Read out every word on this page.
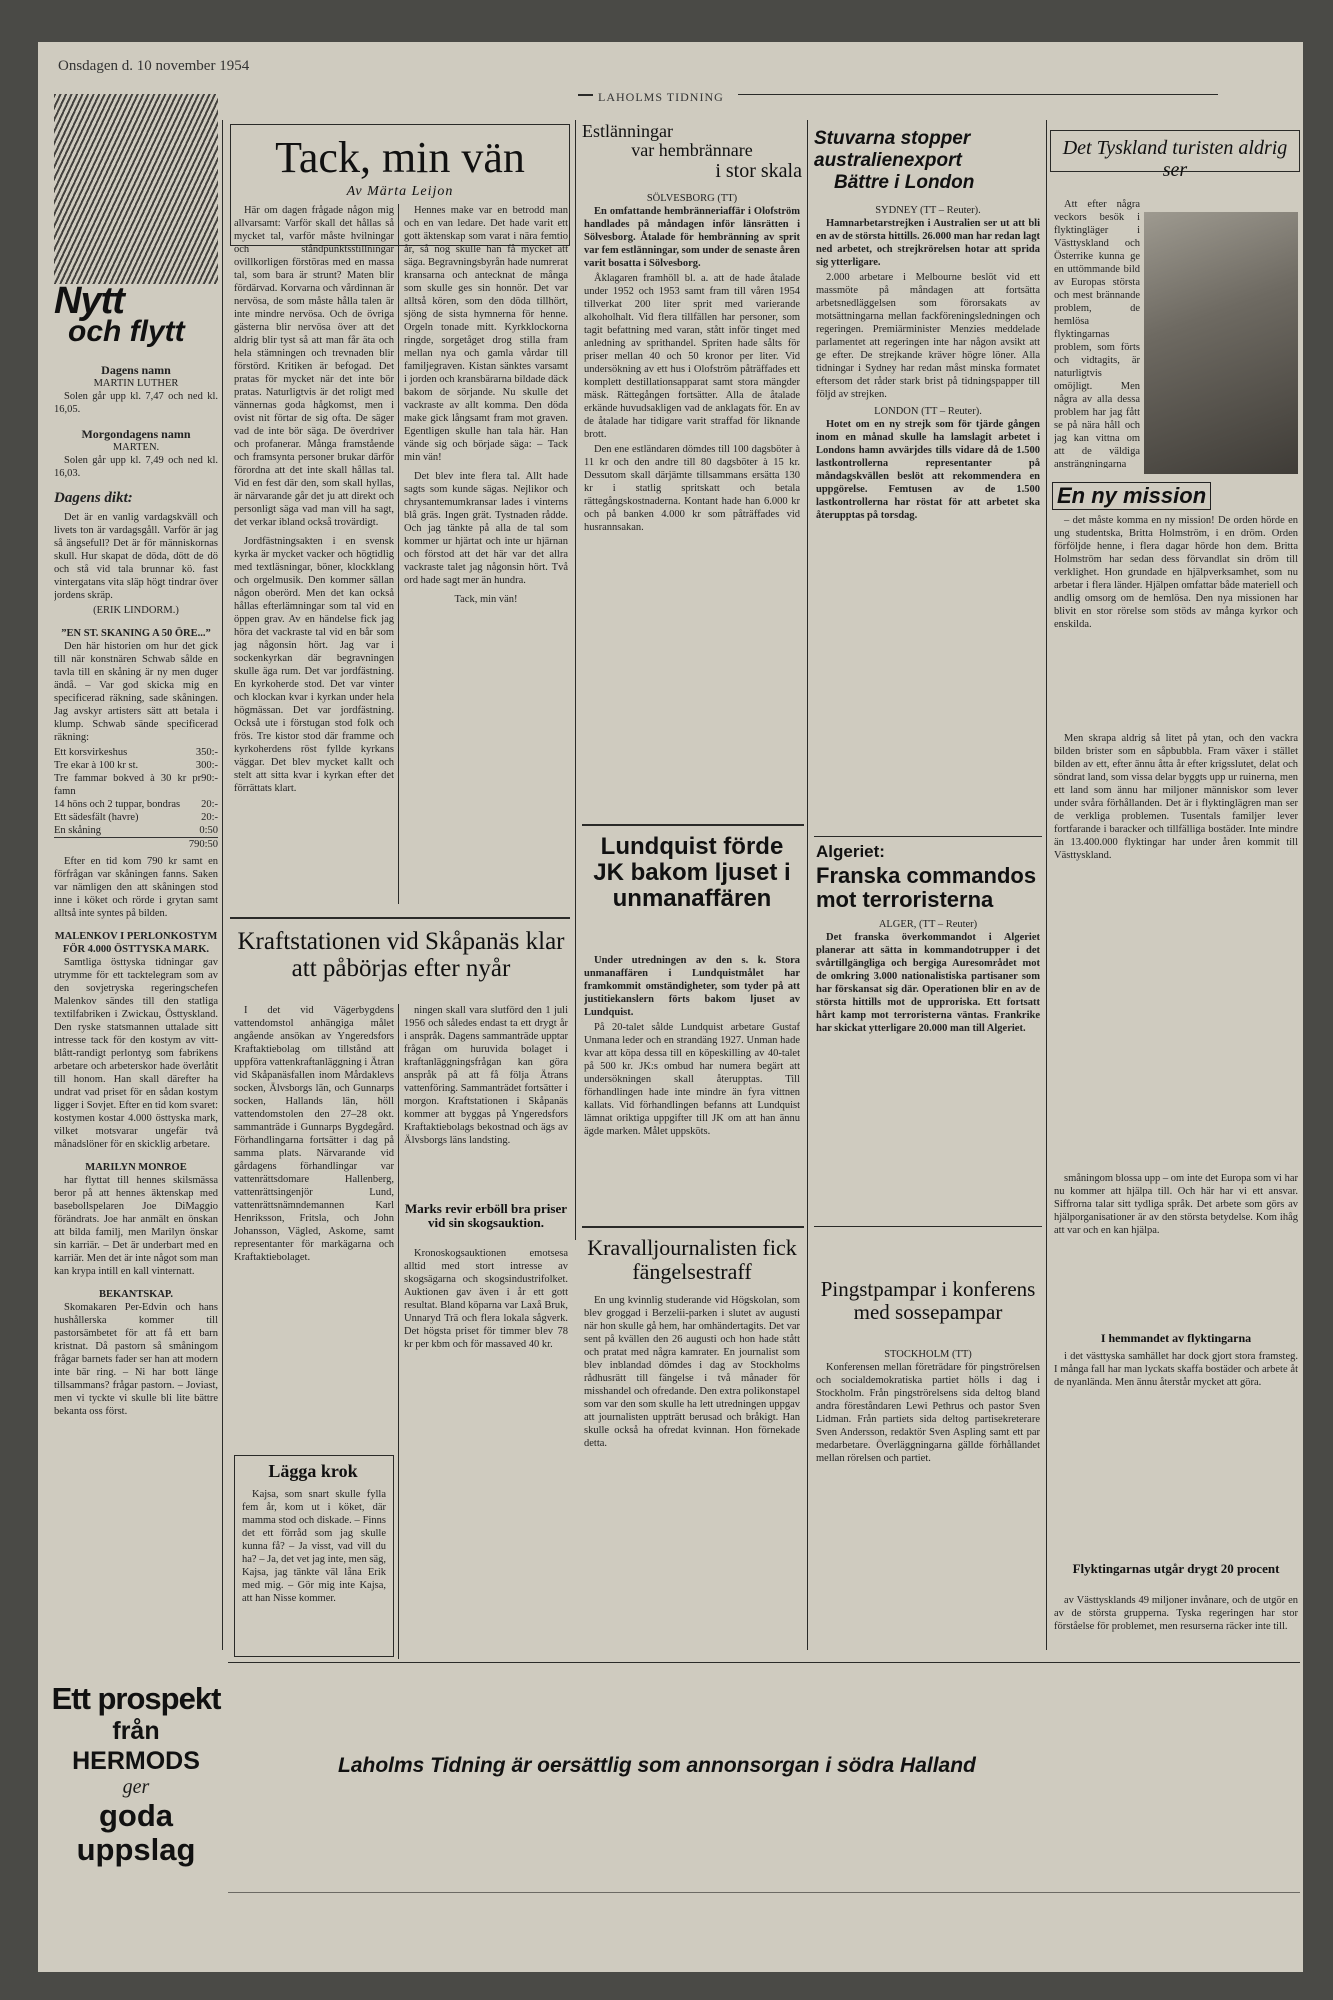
Onsdagen d. 10 november 1954
LAHOLMS TIDNING
Nytt
och flytt
Dagens namn
MARTIN LUTHER

Solen går upp kl. 7,47 och ned kl. 16,05.

Morgondagens namn
MARTEN.

Solen går upp kl. 7,49 och ned kl. 16,03.

Dagens dikt:

Det är en vanlig vardagskväll och livets ton är vardagsgåll. Varför är jag så ängsefull? Det är för människornas skull. Hur skapat de döda, dött de dö och stå vid tala brunnar kö. fast vintergatans vita släp högt tindrar över jordens skräp.

(ERIK LINDORM.)
”EN ST. SKANING A 50 ÖRE...”

Den här historien om hur det gick till när konstnären Schwab sålde en tavla till en skåning är ny men duger ändå. – Var god skicka mig en specificerad räkning, sade skåningen. Jag avskyr artisters sätt att betala i klump. Schwab sände specificerad räkning:

Ett korsvirkeshus	350:-
Tre ekar à 100 kr st.	300:-
Tre fammar bokved à 30 kr pr famn
90:-
14 höns och 2 tuppar, bondras 20:-
Ett sädesfält (havre)	20:-
En skåning	0:50
790:50

Efter en tid kom 790 kr samt en förfrågan var skåningen fanns. Saken var nämligen den att skåningen stod inne i köket och rörde i grytan samt alltså inte syntes på bilden.

MALENKOV I PERLONKOSTYM FÖR 4.000 ÖSTTYSKA MARK.

Samtliga östtyska tidningar gav utrymme för ett tacktelegram som av den sovjetryska regeringschefen Malenkov sändes till den statliga textilfabriken i Zwickau, Östtyskland. Den ryske statsmannen uttalade sitt intresse tack för den kostym av vitt-blått-randigt perlontyg som fabrikens arbetare och arbeterskor hade överlåtit till honom. Han skall därefter ha undrat vad priset för en sådan kostym ligger i Sovjet. Efter en tid kom svaret: kostymen kostar 4.000 östtyska mark, vilket motsvarar ungefär två månadslöner för en skicklig arbetare.

MARILYN MONROE

har flyttat till hennes skilsmässa beror på att hennes äktenskap med basebollspelaren Joe DiMaggio förändrats. Joe har anmält en önskan att bilda familj, men Marilyn önskar sin karriär. – Det är underbart med en karriär. Men det är inte något som man kan krypa intill en kall vinternatt.

BEKANTSKAP.

Skomakaren Per-Edvin och hans hushållerska kommer till pastorsämbetet för att få ett barn kristnat. Då pastorn så småningom frågar barnets fader ser han att modern inte bär ring. – Ni har bott länge tillsammans? frågar pastorn. – Joviast, men vi tyckte vi skulle bli lite bättre bekanta oss först.

Ett prospekt
från HERMODS
ger
goda uppslag
Tack, min vän
Av Märta Leijon

Här om dagen frågade någon mig allvarsamt: Varför skall det hållas så mycket tal, varför måste hvilningar och ståndpunktsstillningar ovillkorligen förstöras med en massa tal, som bara är strunt? Maten blir fördärvad. Korvarna och vårdinnan är nervösa, de som måste hålla talen är inte mindre nervösa. Och de övriga gästerna blir nervösa över att det aldrig blir tyst så att man får äta och hela stämningen och trevnaden blir förstörd. Kritiken är befogad. Det pratas för mycket när det inte bör pratas. Naturligtvis är det roligt med vännernas goda hågkomst, men i ovist nit förtar de sig ofta. De säger vad de inte bör säga. De överdriver och profanerar. Många framstående och framsynta personer brukar därför förordna att det inte skall hållas tal. Vid en fest där den, som skall hyllas, är närvarande går det ju att direkt och personligt säga vad man vill ha sagt, det verkar ibland också trovärdigt.

Jordfästningsakten i en svensk kyrka är mycket vacker och högtidlig med textläsningar, böner, klockklang och orgelmusik. Den kommer sällan någon oberörd. Men det kan också hållas efterlämningar som tal vid en öppen grav. Av en händelse fick jag höra det vackraste tal vid en bår som jag någonsin hört. Jag var i sockenkyrkan där begravningen skulle äga rum. Det var jordfästning. En kyrkoherde stod. Det var vinter och klockan kvar i kyrkan under hela högmässan. Det var jordfästning. Också ute i förstugan stod folk och frös. Tre kistor stod där framme och kyrkoherdens röst fyllde kyrkans väggar. Det blev mycket kallt och stelt att sitta kvar i kyrkan efter det förrättats klart.

Hennes make var en betrodd man och en van ledare. Det hade varit ett gott äktenskap som varat i nära femtio år, så nog skulle han få mycket att säga. Begravningsbyrån hade numrerat kransarna och antecknat de många som skulle ges sin honnör. Det var alltså kören, som den döda tillhört, sjöng de sista hymnerna för henne. Orgeln tonade mitt. Kyrkklockorna ringde, sorgetåget drog stilla fram mellan nya och gamla vårdar till familjegraven. Kistan sänktes varsamt i jorden och kransbärarna bildade däck bakom de sörjande. Nu skulle det vackraste av allt komma. Den döda make gick långsamt fram mot graven. Egentligen skulle han tala här. Han vände sig och började säga: – Tack min vän!

Det blev inte flera tal. Allt hade sagts som kunde sägas. Nejlikor och chrysantemumkransar lades i vinterns blå gräs. Ingen grät. Tystnaden rådde. Och jag tänkte på alla de tal som kommer ur hjärtat och inte ur hjärnan och förstod att det här var det allra vackraste talet jag någonsin hört. Två ord hade sagt mer än hundra.

Tack, min vän!
Kraftstationen vid Skåpanäs klar att påbörjas efter nyår

I det vid Vägerbygdens vattendomstol anhängiga målet angående ansökan av Yngeredsfors Kraftaktiebolag om tillstånd att uppföra vattenkraftanläggning i Ätran vid Skåpanäsfallen inom Mårdaklevs socken, Älvsborgs län, och Gunnarps socken, Hallands län, höll vattendomstolen den 27–28 okt. sammanträde i Gunnarps Bygdegård. Förhandlingarna fortsätter i dag på samma plats. Närvarande vid gårdagens förhandlingar var vattenrättsdomare Hallenberg, vattenrättsingenjör Lund, vattenrättsnämndemannen Karl Henriksson, Fritsla, och John Johansson, Vägled, Askome, samt representanter för markägarna och Kraftaktiebolaget.

ningen skall vara slutförd den 1 juli 1956 och således endast ta ett drygt år i anspråk. Dagens sammanträde upptar frågan om huruvida bolaget i kraftanläggningsfrågan kan göra anspråk på att få följa Ätrans vattenföring. Sammanträdet fortsätter i morgon. Kraftstationen i Skåpanäs kommer att byggas på Yngeredsfors Kraftaktiebolags bekostnad och ägs av Älvsborgs läns landsting.

Marks revir erböll bra priser vid sin skogsauktion.

Kronoskogsauktionen emotsesa alltid med stort intresse av skogsägarna och skogsindustrifolket. Auktionen gav även i år ett gott resultat. Bland köparna var Laxå Bruk, Unnaryd Trä och flera lokala sågverk. Det högsta priset för timmer blev 78 kr per kbm och för massaved 40 kr.

Lägga krok

Kajsa, som snart skulle fylla fem år, kom ut i köket, där mamma stod och diskade. – Finns det ett förråd som jag skulle kunna få? – Ja visst, vad vill du ha? – Ja, det vet jag inte, men säg, Kajsa, jag tänkte väl låna Erik med mig. – Gör mig inte Kajsa, att han Nisse kommer.

Estlänningar
var hembrännare
i stor skala
SÖLVESBORG (TT)

En omfattande hembränneriaffär i Olofström handlades på måndagen inför länsrätten i Sölvesborg. Åtalade för hembränning av sprit var fem estlänningar, som under de senaste åren varit bosatta i Sölvesborg.

Åklagaren framhöll bl. a. att de hade åtalade under 1952 och 1953 samt fram till våren 1954 tillverkat 200 liter sprit med varierande alkoholhalt. Vid flera tillfällen har personer, som tagit befattning med varan, stått inför tinget med anledning av sprithandel. Spriten hade sålts för priser mellan 40 och 50 kronor per liter. Vid undersökning av ett hus i Olofström påträffades ett komplett destillationsapparat samt stora mängder mäsk. Rättegången fortsätter. Alla de åtalade erkände huvudsakligen vad de anklagats för. En av de åtalade har tidigare varit straffad för liknande brott.

Den ene estländaren dömdes till 100 dagsböter à 11 kr och den andre till 80 dagsböter à 15 kr. Dessutom skall därjämte tillsammans ersätta 130 kr i statlig spritskatt och betala rättegångskostnaderna. Kontant hade han 6.000 kr och på banken 4.000 kr som påträffades vid husrannsakan.

Lundquist förde JK bakom ljuset i unmanaffären

Under utredningen av den s. k. Stora unmanaffären i Lundquistmålet har framkommit omständigheter, som tyder på att justitiekanslern förts bakom ljuset av Lundquist.

På 20-talet sålde Lundquist arbetare Gustaf Unmana leder och en strandäng 1927. Unman hade kvar att köpa dessa till en köpeskilling av 40-talet på 500 kr. JK:s ombud har numera begärt att undersökningen skall återupptas. Till förhandlingen hade inte mindre än fyra vittnen kallats. Vid förhandlingen befanns att Lundquist lämnat oriktiga uppgifter till JK om att han ännu ägde marken. Målet uppsköts.

Kravalljournalisten fick fängelsestraff

En ung kvinnlig studerande vid Högskolan, som blev groggad i Berzelii-parken i slutet av augusti när hon skulle gå hem, har omhändertagits. Det var sent på kvällen den 26 augusti och hon hade stått och pratat med några kamrater. En journalist som blev inblandad dömdes i dag av Stockholms rådhusrätt till fängelse i två månader för misshandel och ofredande. Den extra polikonstapel som var den som skulle ha lett utredningen uppgav att journalisten uppträtt berusad och bråkigt. Han skulle också ha ofredat kvinnan. Hon förnekade detta.

Stuvarna stopper
australienexport
Bättre i London
SYDNEY (TT – Reuter).

Hamnarbetarstrejken i Australien ser ut att bli en av de största hittills. 26.000 man har redan lagt ned arbetet, och strejkrörelsen hotar att sprida sig ytterligare.

2.000 arbetare i Melbourne beslöt vid ett massmöte på måndagen att fortsätta arbetsnedläggelsen som förorsakats av motsättningarna mellan fackföreningsledningen och regeringen. Premiärminister Menzies meddelade parlamentet att regeringen inte har någon avsikt att ge efter. De strejkande kräver högre löner. Alla tidningar i Sydney har redan måst minska formatet eftersom det råder stark brist på tidningspapper till följd av strejken.

LONDON (TT – Reuter).

Hotet om en ny strejk som för tjärde gången inom en månad skulle ha lamslagit arbetet i Londons hamn avvärjdes tills vidare då de 1.500 lastkontrollerna representanter på måndagskvällen beslöt att rekommendera en uppgörelse. Femtusen av de 1.500 lastkontrollerna har röstat för att arbetet ska återupptas på torsdag.

Algeriet:
Franska commandos mot terroristerna
ALGER, (TT – Reuter)

Det franska överkommandot i Algeriet planerar att sätta in kommandotrupper i det svårtillgängliga och bergiga Auresområdet mot de omkring 3.000 nationalistiska partisaner som har förskansat sig där. Operationen blir en av de största hittills mot de upproriska. Ett fortsatt hårt kamp mot terroristerna väntas. Frankrike har skickat ytterligare 20.000 man till Algeriet.

Pingstpampar i konferens med sossepampar
STOCKHOLM (TT)

Konferensen mellan företrädare för pingströrelsen och socialdemokratiska partiet hölls i dag i Stockholm. Från pingströrelsens sida deltog bland andra föreståndaren Lewi Pethrus och pastor Sven Lidman. Från partiets sida deltog partisekreterare Sven Andersson, redaktör Sven Aspling samt ett par medarbetare. Överläggningarna gällde förhållandet mellan rörelsen och partiet.

Det Tyskland turisten aldrig ser

Att efter några veckors besök i flyktingläger i Västtyskland och Österrike kunna ge en uttömmande bild av Europas största och mest brännande problem, de hemlösa flyktingarnas problem, som förts och vidtagits, är naturligtvis omöjligt. Men några av alla dessa problem har jag fått se på nära håll och jag kan vittna om att de väldiga ansträngningarna

En ny mission

– det måste komma en ny mission! De orden hörde en ung studentska, Britta Holmström, i en dröm. Orden förföljde henne, i flera dagar hörde hon dem. Britta Holmström har sedan dess förvandlat sin dröm till verklighet. Hon grundade en hjälpverksamhet, som nu arbetar i flera länder. Hjälpen omfattar både materiell och andlig omsorg om de hemlösa. Den nya missionen har blivit en stor rörelse som stöds av många kyrkor och enskilda.

Men skrapa aldrig så litet på ytan, och den vackra bilden brister som en såpbubbla. Fram växer i stället bilden av ett, efter ännu åtta år efter krigsslutet, delat och söndrat land, som vissa delar byggts upp ur ruinerna, men ett land som ännu har miljoner människor som lever under svåra förhållanden. Det är i flyktinglägren man ser de verkliga problemen. Tusentals familjer lever fortfarande i baracker och tillfälliga bostäder. Inte mindre än 13.400.000 flyktingar har under åren kommit till Västtyskland.

I hemmandet av flyktingarna

i det västtyska samhället har dock gjort stora framsteg. I många fall har man lyckats skaffa bostäder och arbete åt de nyanlända. Men ännu återstår mycket att göra.

Flyktingarnas utgår drygt 20 procent

av Västtysklands 49 miljoner invånare, och de utgör en av de största grupperna. Tyska regeringen har stor förståelse för problemet, men resurserna räcker inte till.

småningom blossa upp – om inte det Europa som vi har nu kommer att hjälpa till. Och här har vi ett ansvar. Siffrorna talar sitt tydliga språk. Det arbete som görs av hjälporganisationer är av den största betydelse. Kom ihåg att var och en kan hjälpa.

Laholms Tidning är oersättlig som annonsorgan i södra Halland
